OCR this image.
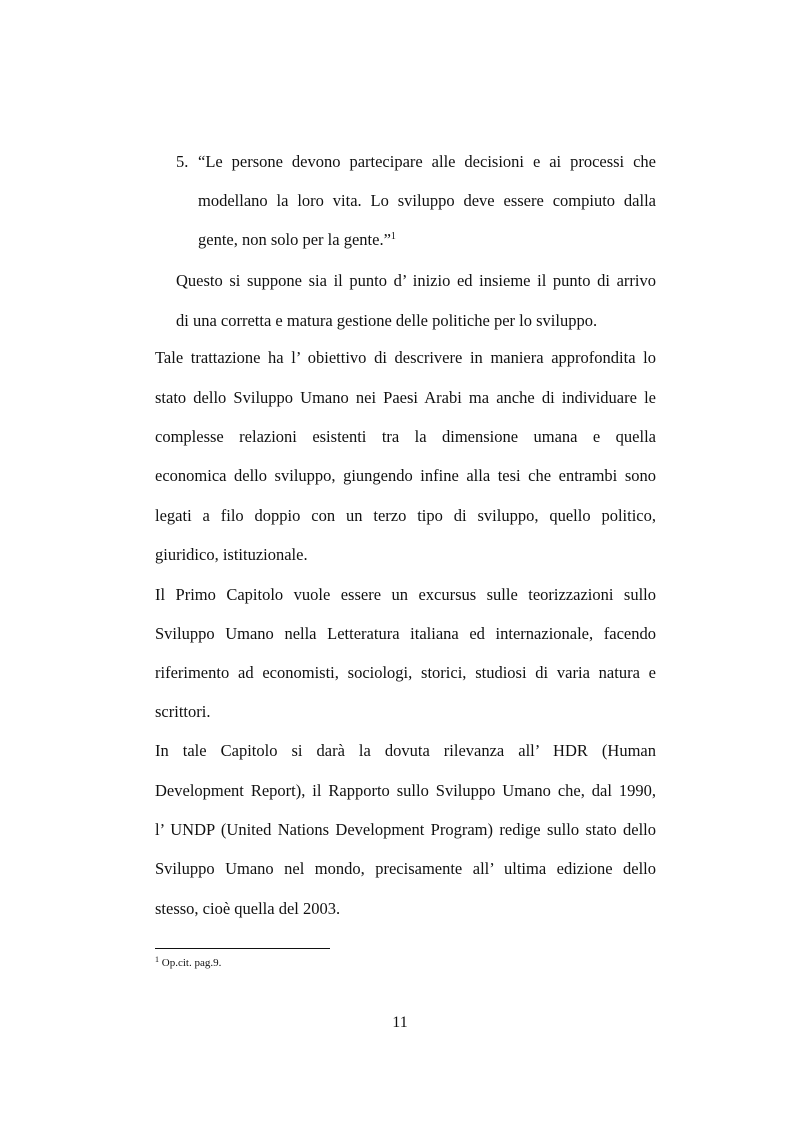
5. “Le persone devono partecipare alle decisioni e ai processi che
modellano la loro vita. Lo sviluppo deve essere compiuto dalla
gente, non solo per la gente.”$^1$
Questo si suppone sia il punto d’ inizio ed insieme il punto di arrivo
di una corretta e matura gestione delle politiche per lo sviluppo.
Tale trattazione ha l’ obiettivo di descrivere in maniera approfondita lo
stato dello Sviluppo Umano nei Paesi Arabi ma anche di individuare le
complesse relazioni esistenti tra la dimensione umana e quella
economica dello sviluppo, giungendo infine alla tesi che entrambi sono
legati a filo doppio con un terzo tipo di sviluppo, quello politico,
giuridico, istituzionale.
Il Primo Capitolo vuole essere un excursus sulle teorizzazioni sullo
Sviluppo Umano nella Letteratura italiana ed internazionale, facendo
riferimento ad economisti, sociologi, storici, studiosi di varia natura e
scrittori.
In tale Capitolo si darà la dovuta rilevanza all’ HDR (Human
Development Report), il Rapporto sullo Sviluppo Umano che, dal 1990,
l’ UNDP (United Nations Development Program) redige sullo stato dello
Sviluppo Umano nel mondo, precisamente all’ ultima edizione dello
stesso, cioè quella del 2003.
$^1$ Op.cit. pag.9.
11
